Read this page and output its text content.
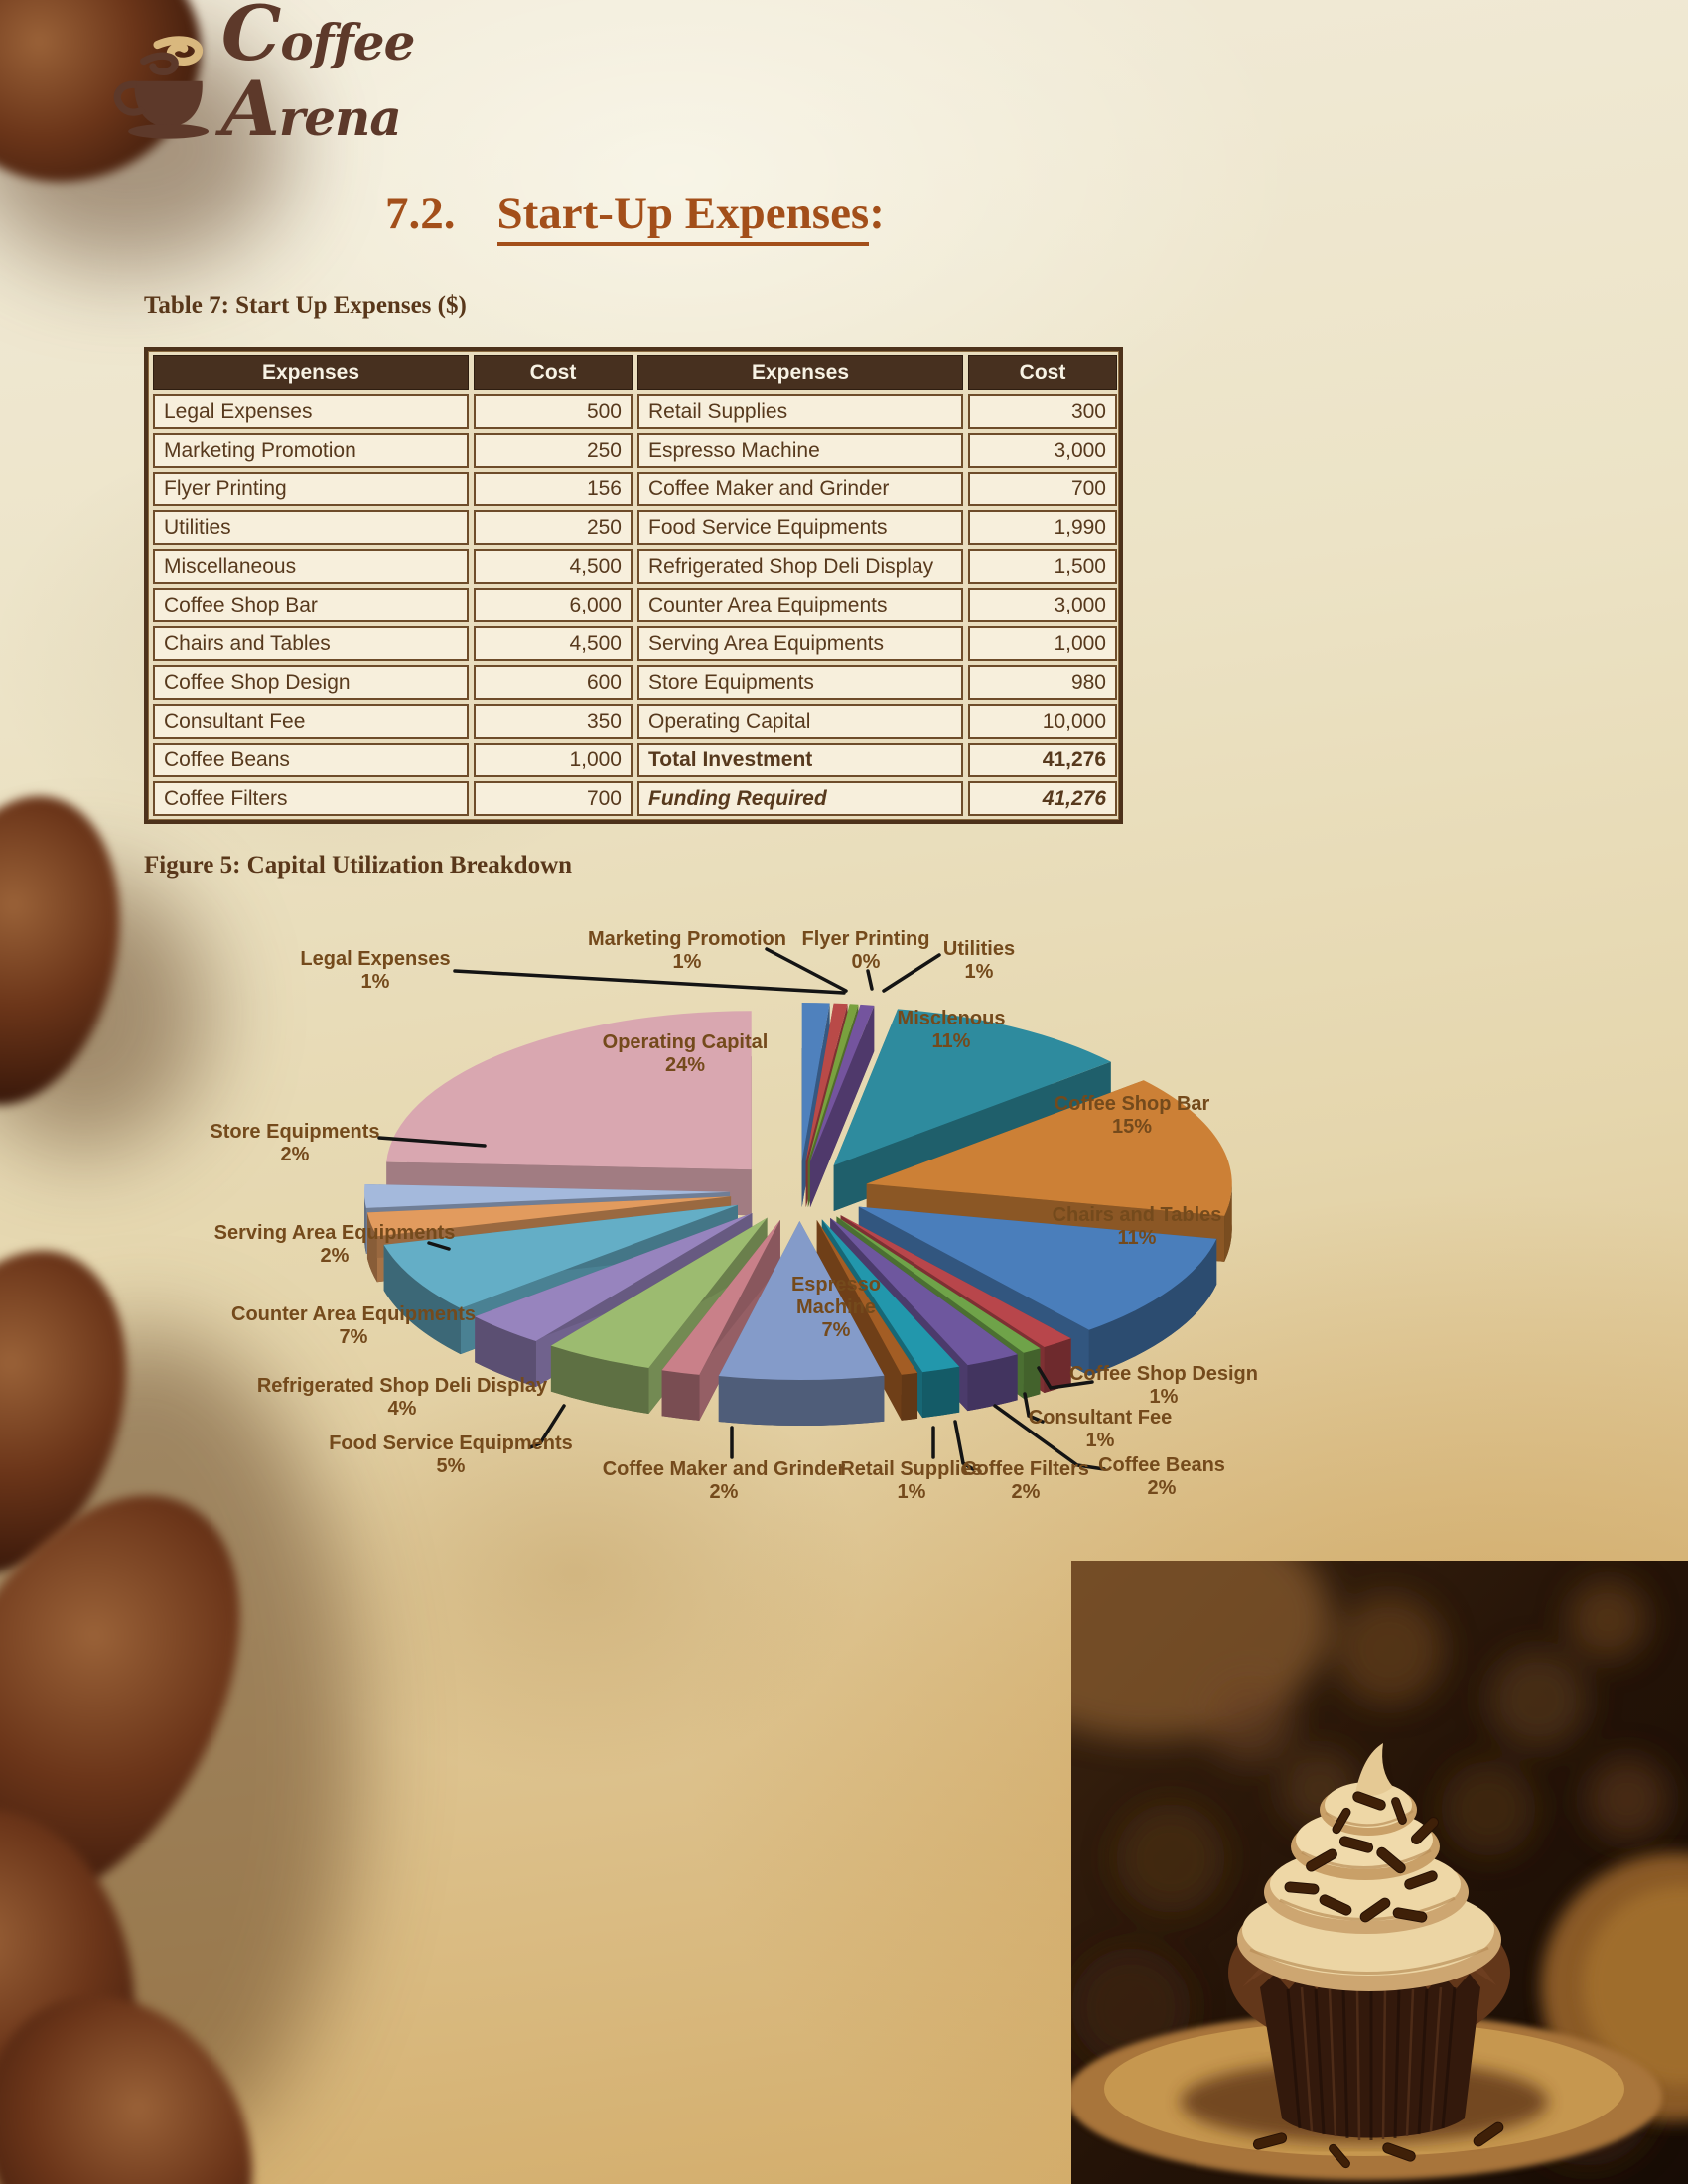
CoffeeArena
7.2. Start-Up Expenses:
Table 7: Start Up Expenses ($)
Expenses	Cost	Expenses	Cost
Legal Expenses	500	Retail Supplies	300
Marketing Promotion	250	Espresso Machine	3,000
Flyer Printing	156	Coffee Maker and Grinder	700
Utilities	250	Food Service Equipments	1,990
Miscellaneous	4,500	Refrigerated Shop Deli Display	1,500
Coffee Shop Bar	6,000	Counter Area Equipments	3,000
Chairs and Tables	4,500	Serving Area Equipments	1,000
Coffee Shop Design	600	Store Equipments	980
Consultant Fee	350	Operating Capital	10,000
Coffee Beans	1,000	Total Investment	41,276
Coffee Filters	700	Funding Required	41,276
Figure 5: Capital Utilization Breakdown
Legal Expenses 1%
Marketing Promotion 1%
Flyer Printing 0%
Utilities 1%
Misclenous 11%
Coffee Shop Bar 15%
Chairs and Tables 11%
Coffee Shop Design 1%
Consultant Fee 1%
Coffee Beans 2%
Coffee Filters 2%
Retail Supplies 1%
Espresso Machine 7%
Coffee Maker and Grinder 2%
Food Service Equipments 5%
Refrigerated Shop Deli Display 4%
Counter Area Equipments 7%
Serving Area Equipments 2%
Store Equipments 2%
Operating Capital 24%
